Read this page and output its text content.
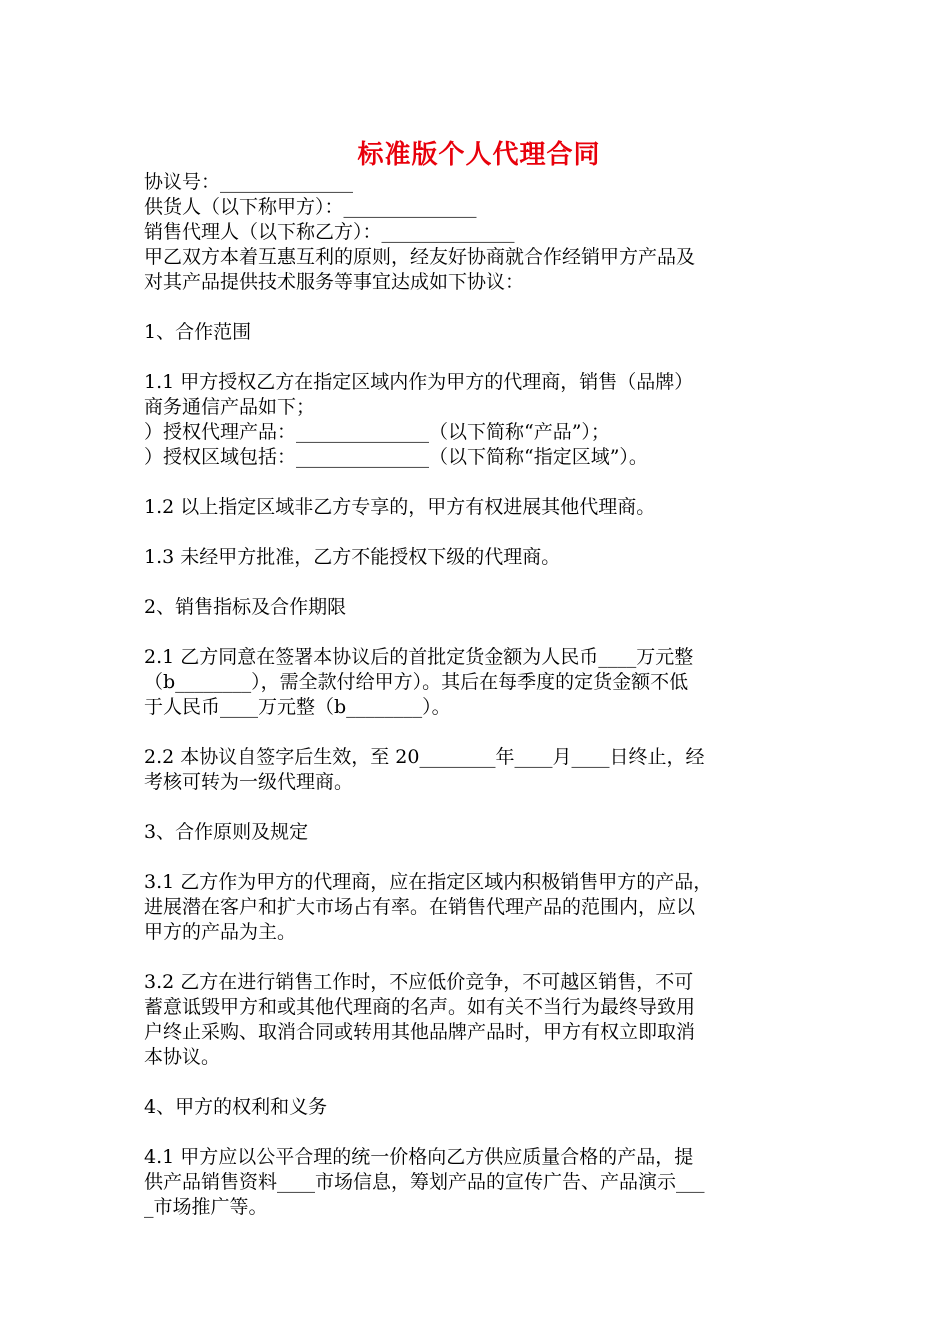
标准版个人代理合同
协议号：______________
供货人（以下称甲方）：______________
销售代理人（以下称乙方）：______________
甲乙双方本着互惠互利的原则，经友好协商就合作经销甲方产品及
对其产品提供技术服务等事宜达成如下协议：
1、合作范围
1.1 甲方授权乙方在指定区域内作为甲方的代理商，销售（品牌）
商务通信产品如下；
）授权代理产品：______________（以下简称“产品”）；
）授权区域包括：______________（以下简称“指定区域”）。
1.2 以上指定区域非乙方专享的，甲方有权进展其他代理商。
1.3 未经甲方批准，乙方不能授权下级的代理商。
2、销售指标及合作期限
2.1 乙方同意在签署本协议后的首批定货金额为人民币____万元整
（b________），需全款付给甲方）。其后在每季度的定货金额不低
于人民币____万元整（b________）。
2.2 本协议自签字后生效，至 20________年____月____日终止，经
考核可转为一级代理商。
3、合作原则及规定
3.1 乙方作为甲方的代理商，应在指定区域内积极销售甲方的产品，
进展潜在客户和扩大市场占有率。在销售代理产品的范围内，应以
甲方的产品为主。
3.2 乙方在进行销售工作时，不应低价竞争，不可越区销售，不可
蓄意诋毁甲方和或其他代理商的名声。如有关不当行为最终导致用
户终止采购、取消合同或转用其他品牌产品时，甲方有权立即取消
本协议。
4、甲方的权利和义务
4.1 甲方应以公平合理的统一价格向乙方供应质量合格的产品，提
供产品销售资料____市场信息，筹划产品的宣传广告、产品演示___
_市场推广等。
